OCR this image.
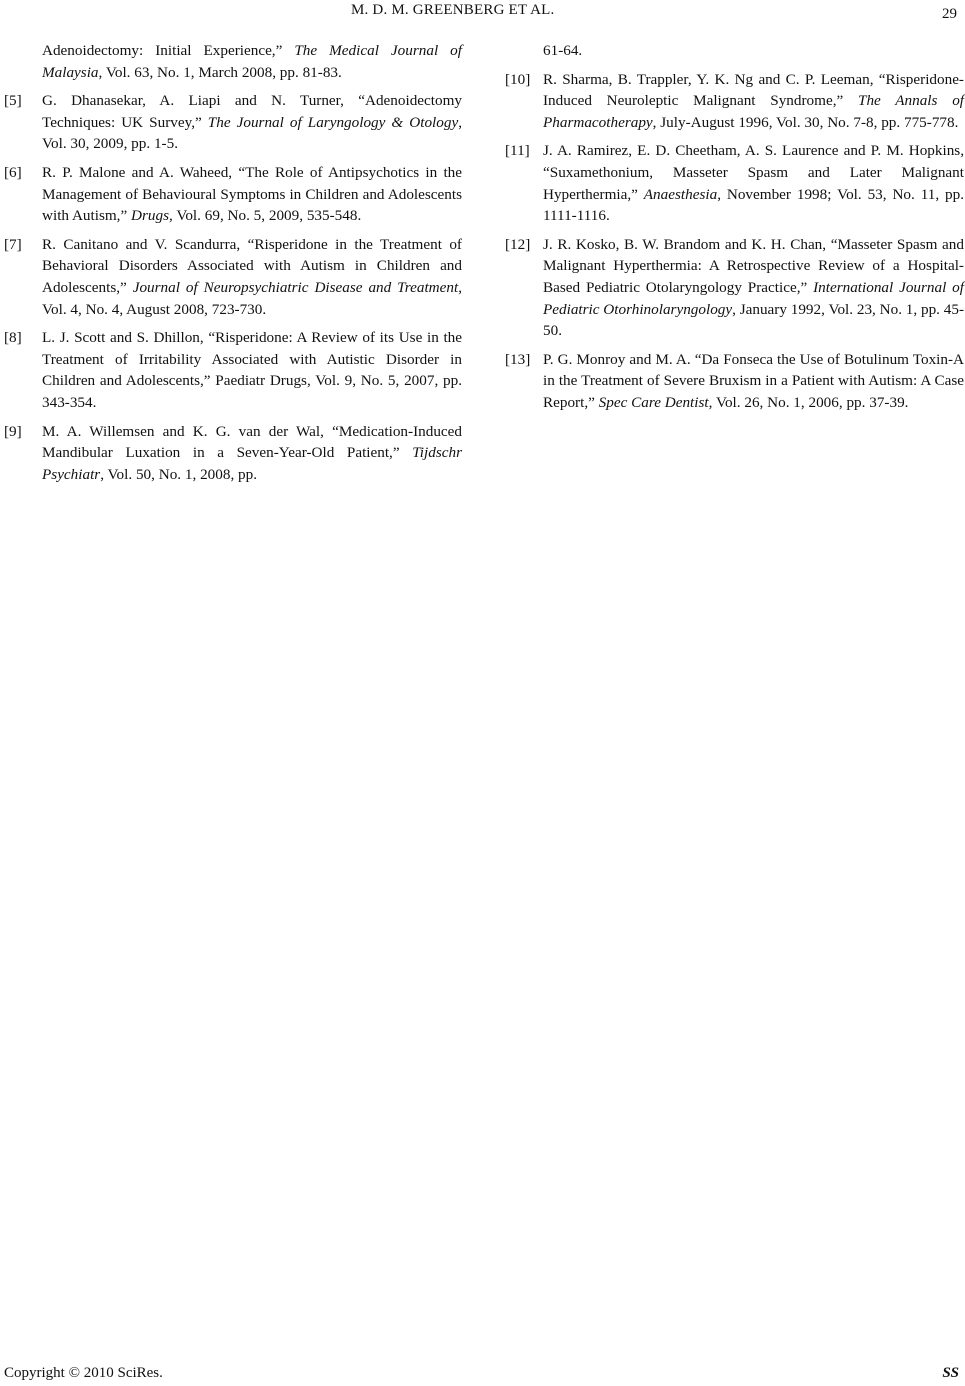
M. D. M. GREENBERG ET AL.	29
Adenoidectomy: Initial Experience,” The Medical Journal of Malaysia, Vol. 63, No. 1, March 2008, pp. 81-83.
[5]	G. Dhanasekar, A. Liapi and N. Turner, “Adenoidectomy Techniques: UK Survey,” The Journal of Laryngology & Otology, Vol. 30, 2009, pp. 1-5.
[6]	R. P. Malone and A. Waheed, “The Role of Antipsychotics in the Management of Behavioural Symptoms in Children and Adolescents with Autism,” Drugs, Vol. 69, No. 5, 2009, 535-548.
[7]	R. Canitano and V. Scandurra, “Risperidone in the Treatment of Behavioral Disorders Associated with Autism in Children and Adolescents,” Journal of Neuropsychiatric Disease and Treatment, Vol. 4, No. 4, August 2008, 723-730.
[8]	L. J. Scott and S. Dhillon, “Risperidone: A Review of its Use in the Treatment of Irritability Associated with Autistic Disorder in Children and Adolescents,” Paediatr Drugs, Vol. 9, No. 5, 2007, pp. 343-354.
[9]	M. A. Willemsen and K. G. van der Wal, “Medication-Induced Mandibular Luxation in a Seven-Year-Old Patient,” Tijdschr Psychiatr, Vol. 50, No. 1, 2008, pp.
61-64.
[10] R. Sharma, B. Trappler, Y. K. Ng and C. P. Leeman, “Risperidone-Induced Neuroleptic Malignant Syndrome,” The Annals of Pharmacotherapy, July-August 1996, Vol. 30, No. 7-8, pp. 775-778.
[11] J. A. Ramirez, E. D. Cheetham, A. S. Laurence and P. M. Hopkins, “Suxamethonium, Masseter Spasm and Later Malignant Hyperthermia,” Anaesthesia, November 1998; Vol. 53, No. 11, pp. 1111-1116.
[12] J. R. Kosko, B. W. Brandom and K. H. Chan, “Masseter Spasm and Malignant Hyperthermia: A Retrospective Review of a Hospital-Based Pediatric Otolaryngology Practice,” International Journal of Pediatric Otorhinolaryngology, January 1992, Vol. 23, No. 1, pp. 45-50.
[13] P. G. Monroy and M. A. “Da Fonseca the Use of Botulinum Toxin-A in the Treatment of Severe Bruxism in a Patient with Autism: A Case Report,” Spec Care Dentist, Vol. 26, No. 1, 2006, pp. 37-39.
Copyright © 2010 SciRes.	SS
